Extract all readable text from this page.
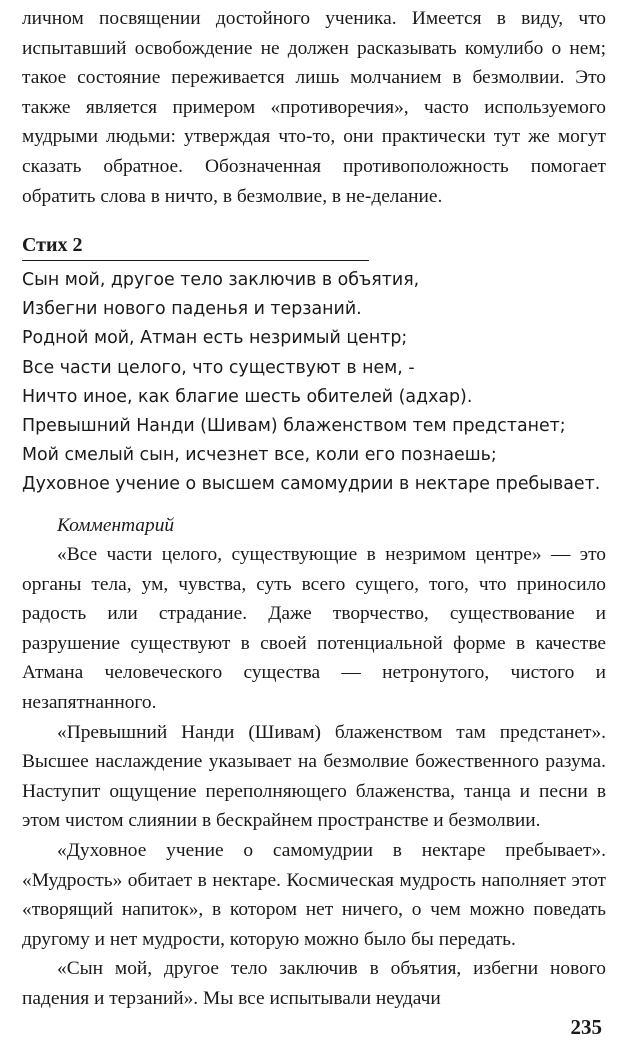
личном посвящении достойного ученика. Имеется в виду, что испытавший освобождение не должен расказывать комулибо о нем; такое состояние переживается лишь молчанием в безмолвии. Это также является примером «противоречия», часто используемого мудрыми людьми: утверждая что-то, они практически тут же могут сказать обратное. Обозначенная противоположность помогает обратить слова в ничто, в безмолвие, в не-делание.

Стих 2
Сын мой, другое тело заключив в объятия,
Избегни нового паденья и терзаний.
Родной мой, Атман есть незримый центр;
Все части целого, что существуют в нем, -
Ничто иное, как благие шесть обителей (адхар).
Превышний Нанди (Шивам) блаженством тем предстанет;
Мой смелый сын, исчезнет все, коли его познаешь;
Духовное учение о высшем самомудрии в нектаре пребывает.
Комментарий

«Все части целого, существующие в незримом центре» — это органы тела, ум, чувства, суть всего сущего, того, что приносило радость или страдание. Даже творчество, существование и разрушение существуют в своей потенциальной форме в качестве Атмана человеческого существа — нетронутого, чистого и незапятнанного.

«Превышний Нанди (Шивам) блаженством там предстанет». Высшее наслаждение указывает на безмолвие божественного разума. Наступит ощущение переполняющего блаженства, танца и песни в этом чистом слиянии в бескрайнем пространстве и безмолвии.

«Духовное учение о самомудрии в нектаре пребывает». «Мудрость» обитает в нектаре. Космическая мудрость наполняет этот «творящий напиток», в котором нет ничего, о чем можно поведать другому и нет мудрости, которую можно было бы передать.

«Сын мой, другое тело заключив в объятия, избегни нового падения и терзаний». Мы все испытывали неудачи

235
